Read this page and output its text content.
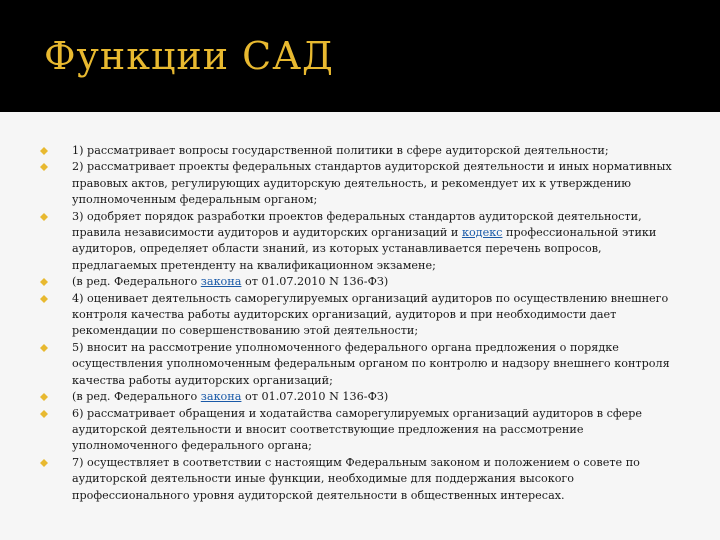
Функции САД
1) рассматривает вопросы государственной политики в сфере аудиторской деятельности;
2) рассматривает проекты федеральных стандартов аудиторской деятельности и иных нормативных правовых актов, регулирующих аудиторскую деятельность, и рекомендует их к утверждению уполномоченным федеральным органом;
3) одобряет порядок разработки проектов федеральных стандартов аудиторской деятельности, правила независимости аудиторов и аудиторских организаций и кодекс профессиональной этики аудиторов, определяет области знаний, из которых устанавливается перечень вопросов, предлагаемых претенденту на квалификационном экзамене;
(в ред. Федерального закона от 01.07.2010 N 136-ФЗ)
4) оценивает деятельность саморегулируемых организаций аудиторов по осуществлению внешнего контроля качества работы аудиторских организаций, аудиторов и при необходимости дает рекомендации по совершенствованию этой деятельности;
5) вносит на рассмотрение уполномоченного федерального органа предложения о порядке осуществления уполномоченным федеральным органом по контролю и надзору внешнего контроля качества работы аудиторских организаций;
(в ред. Федерального закона от 01.07.2010 N 136-ФЗ)
6) рассматривает обращения и ходатайства саморегулируемых организаций аудиторов в сфере аудиторской деятельности и вносит соответствующие предложения на рассмотрение уполномоченного федерального органа;
7) осуществляет в соответствии с настоящим Федеральным законом и положением о совете по аудиторской деятельности иные функции, необходимые для поддержания высокого профессионального уровня аудиторской деятельности в общественных интересах.
